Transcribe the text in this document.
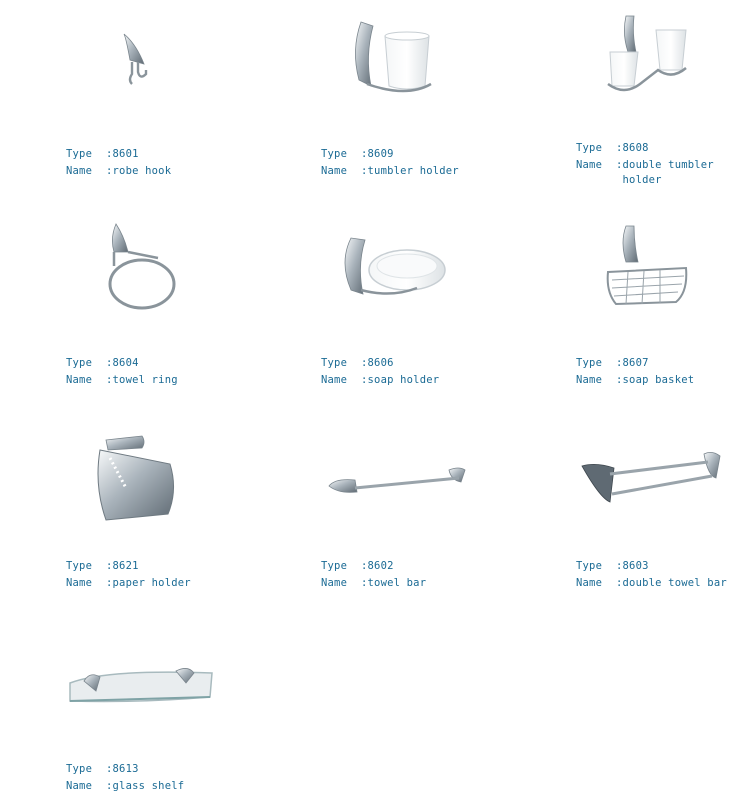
Type	: 8601
Name	: robe hook
Type	: 8609
Name	: tumbler holder
Type	: 8608
Name	: double tumbler
holder
Type	: 8604
Name	: towel ring
Type	: 8606
Name	: soap holder
Type	: 8607
Name	: soap basket
Type	: 8621
Name	: paper holder
Type	: 8602
Name	: towel bar
Type	: 8603
Name	: double towel bar
Type	: 8613
Name	: glass shelf
